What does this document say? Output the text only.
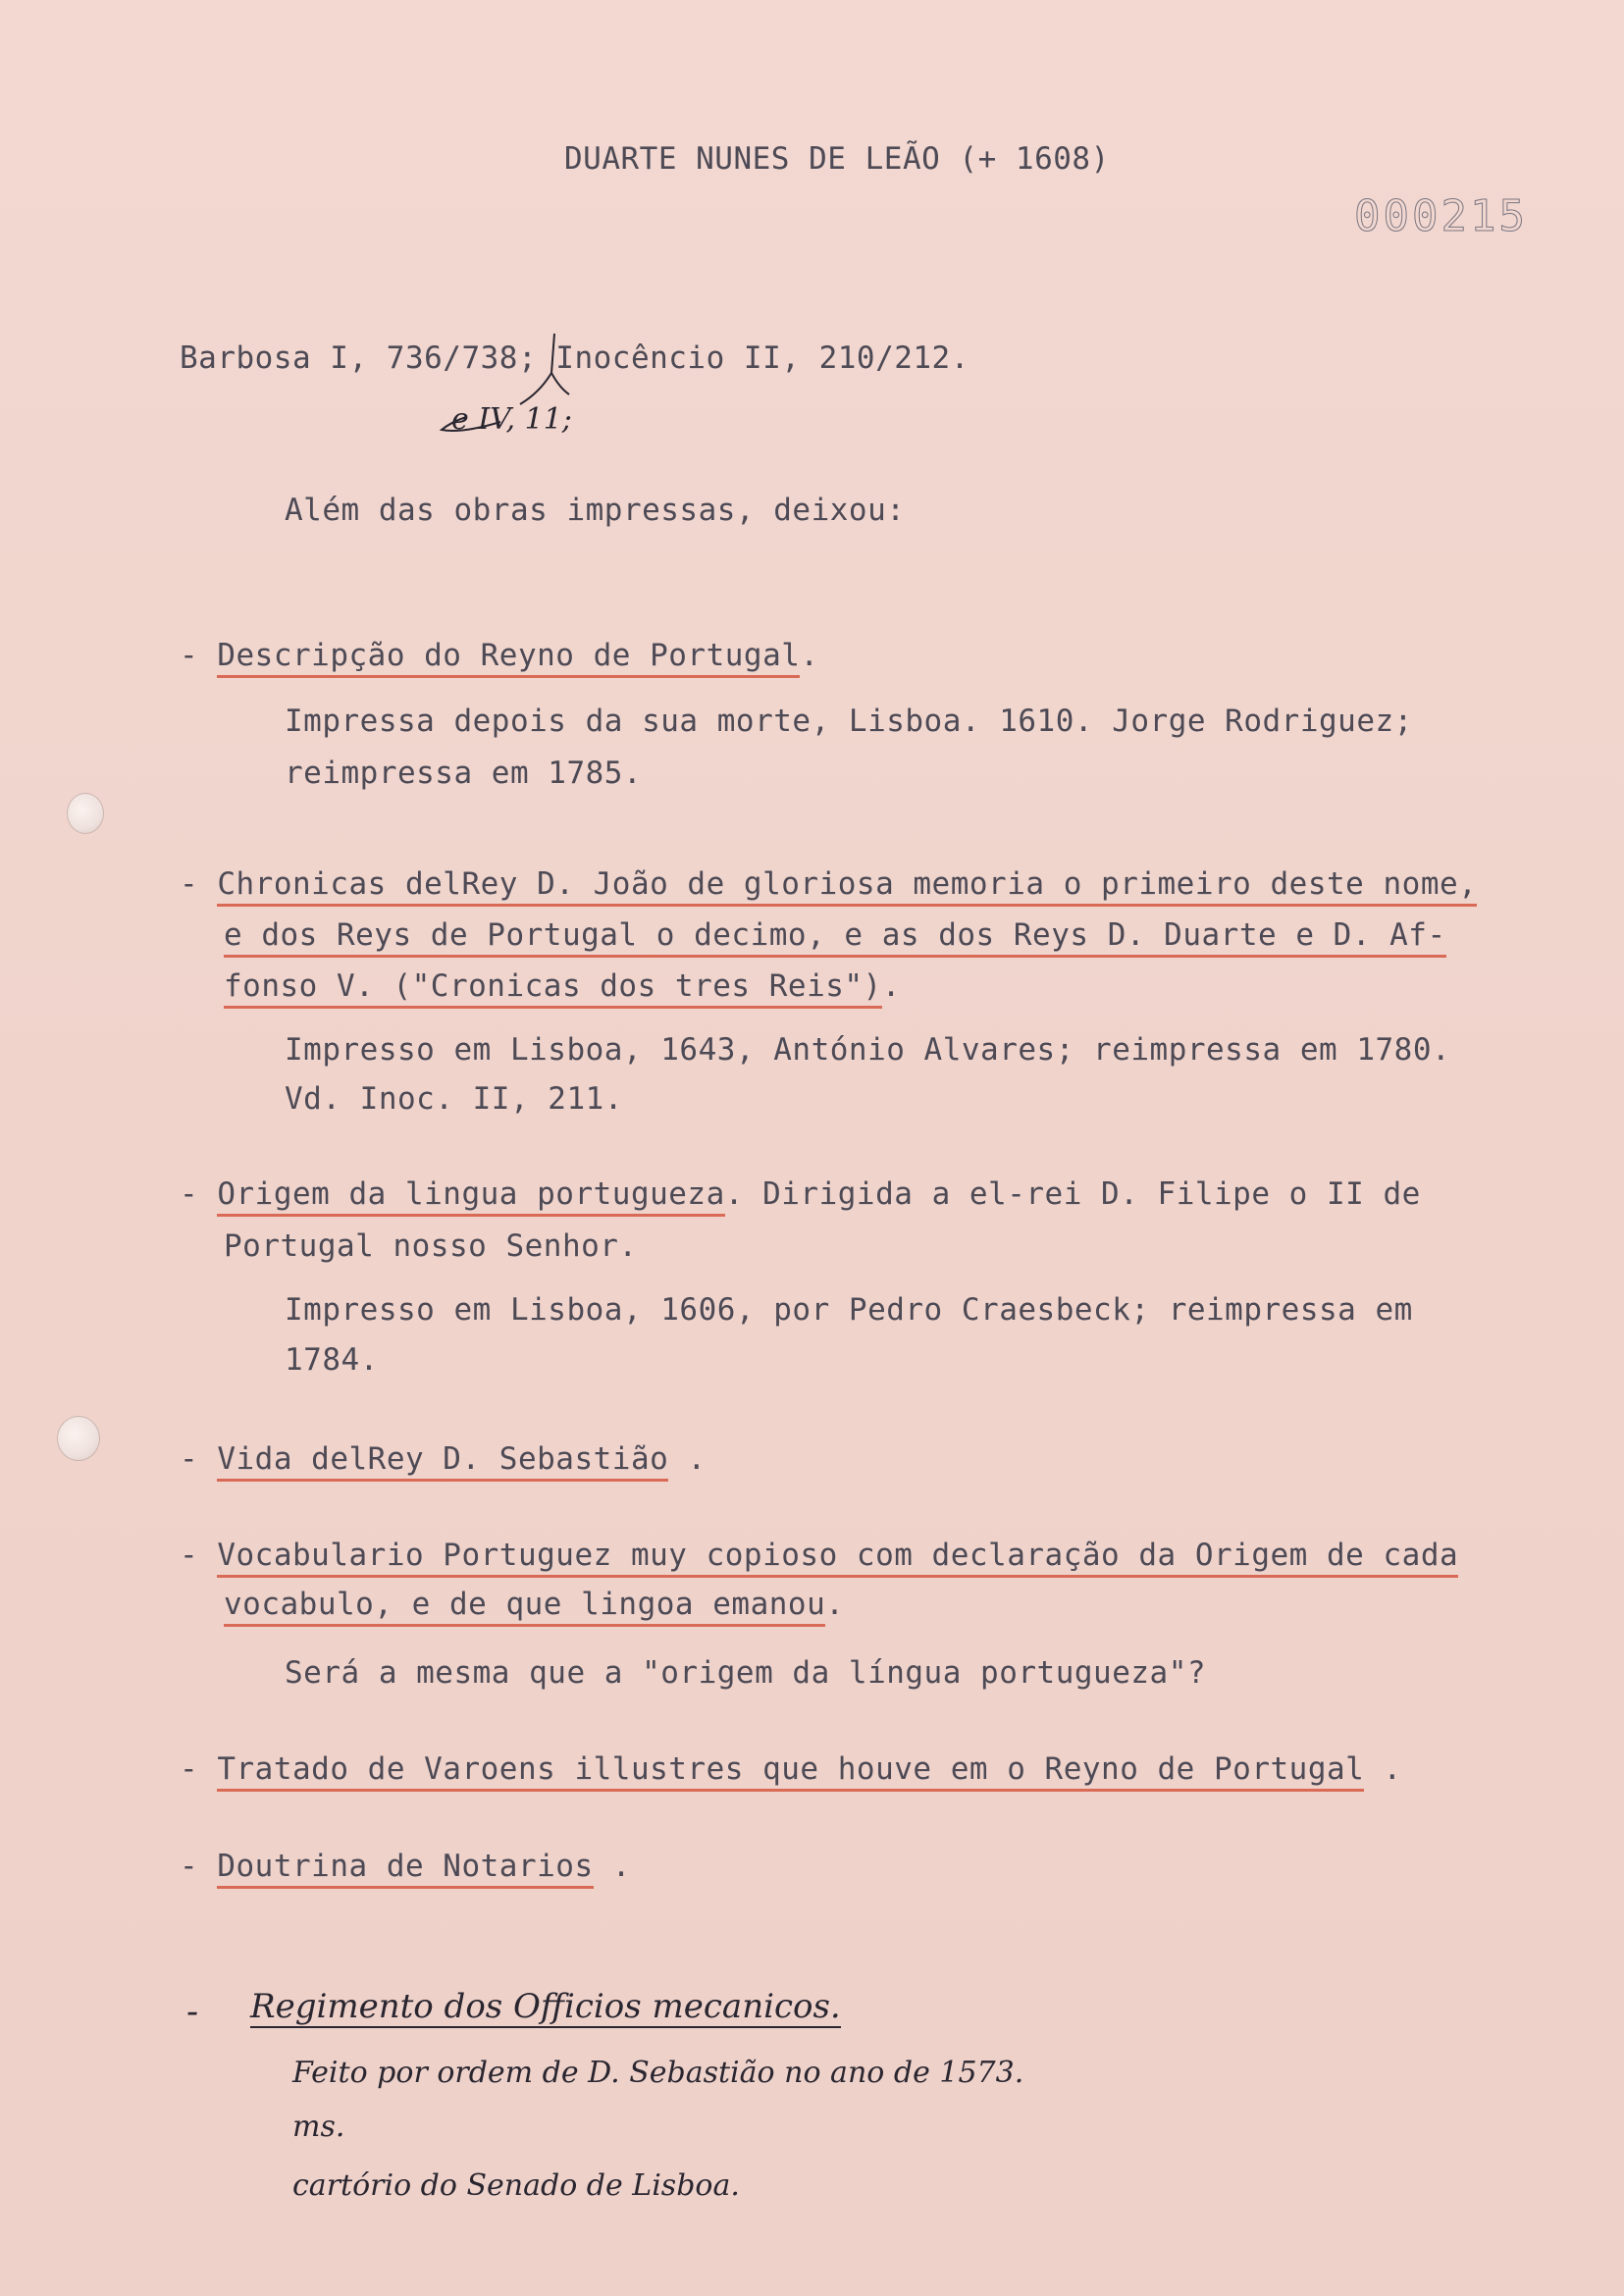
DUARTE NUNES DE LEÃO (+ 1608)
000215
Barbosa I, 736/738; Inocêncio II, 210/212.
e IV, 11;
Além das obras impressas, deixou:
- Descripção do Reyno de Portugal.
Impressa depois da sua morte, Lisboa. 1610. Jorge Rodriguez;
reimpressa em 1785.
- Chronicas delRey D. João de gloriosa memoria o primeiro deste nome,
e dos Reys de Portugal o decimo, e as dos Reys D. Duarte e D. Af-
fonso V. ("Cronicas dos tres Reis").
Impresso em Lisboa, 1643, António Alvares; reimpressa em 1780.
Vd. Inoc. II, 211.
- Origem da lingua portugueza. Dirigida a el-rei D. Filipe o II de
Portugal nosso Senhor.
Impresso em Lisboa, 1606, por Pedro Craesbeck; reimpressa em
1784.
- Vida delRey D. Sebastião .
- Vocabulario Portuguez muy copioso com declaração da Origem de cada
vocabulo, e de que lingoa emanou.
Será a mesma que a "origem da língua portugueza"?
- Tratado de Varoens illustres que houve em o Reyno de Portugal .
- Doutrina de Notarios .
- Regimento dos Officios mecanicos.
Feito por ordem de D. Sebastião no ano de 1573.
ms.
cartório do Senado de Lisboa.
